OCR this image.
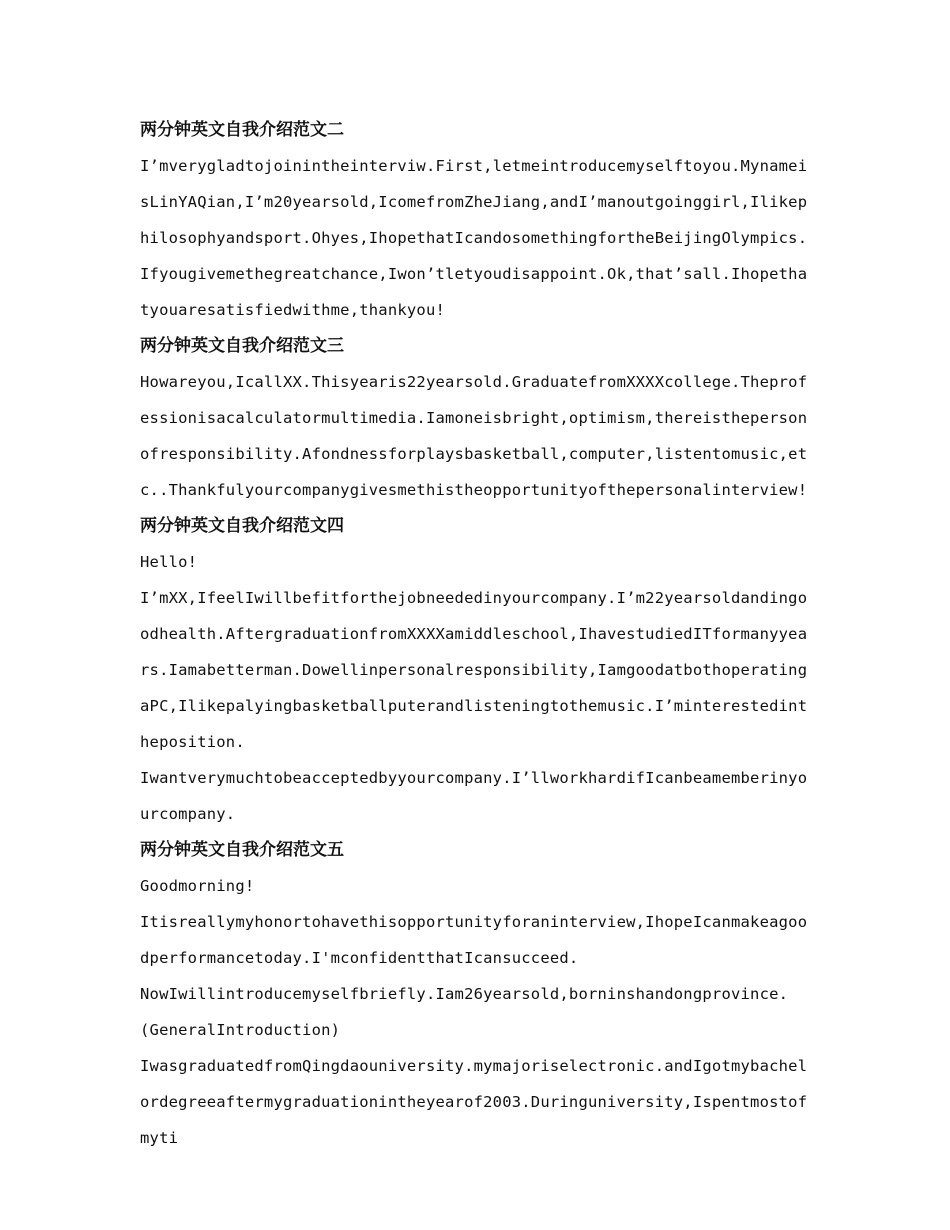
两分钟英文自我介绍范文二

I’mverygladtojoinintheinterviw.First,letmeintroducemyselftoyou.MynameisLinYAQian,I’m20yearsold,IcomefromZheJiang,andI’manoutgoinggirl,Ilikephilosophyandsport.Ohyes,IhopethatIcandosomethingfortheBeijingOlympics.Ifyougivemethegreatchance,Iwon’tletyoudisappoint.Ok,that’sall.Ihopethatyouaresatisfiedwithme,thankyou!

两分钟英文自我介绍范文三

Howareyou,IcallXX.Thisyearis22yearsold.GraduatefromXXXXcollege.Theprofessionisacalculatormultimedia.Iamoneisbright,optimism,thereisthepersonofresponsibility.Afondnessforplaysbasketball,computer,listentomusic,etc..Thankfulyourcompanygivesmethistheopportunityofthepersonalinterview!

两分钟英文自我介绍范文四

Hello!

I’mXX,IfeelIwillbefitforthejobneededinyourcompany.I’m22yearsoldandingoodhealth.AftergraduationfromXXXXamiddleschool,IhavestudiedITformanyyears.Iamabetterman.Dowellinpersonalresponsibility,IamgoodatbothoperatingaPC,Ilikepalyingbasketballputerandlisteningtothemusic.I’minterestedintheposition.

Iwantverymuchtobeacceptedbyyourcompany.I’llworkhardifIcanbeamemberinyourcompany.

两分钟英文自我介绍范文五

Goodmorning!

Itisreallymyhonortohavethisopportunityforaninterview,IhopeIcanmakeagoodperformancetoday.I'mconfidentthatIcansucceed.

NowIwillintroducemyselfbriefly.Iam26yearsold,borninshandongprovince.

(GeneralIntroduction)

IwasgraduatedfromQingdaouniversity.mymajoriselectronic.andIgotmybachelordegreeaftermygraduationintheyearof2003.Duringuniversity,Ispentmostofmyti
